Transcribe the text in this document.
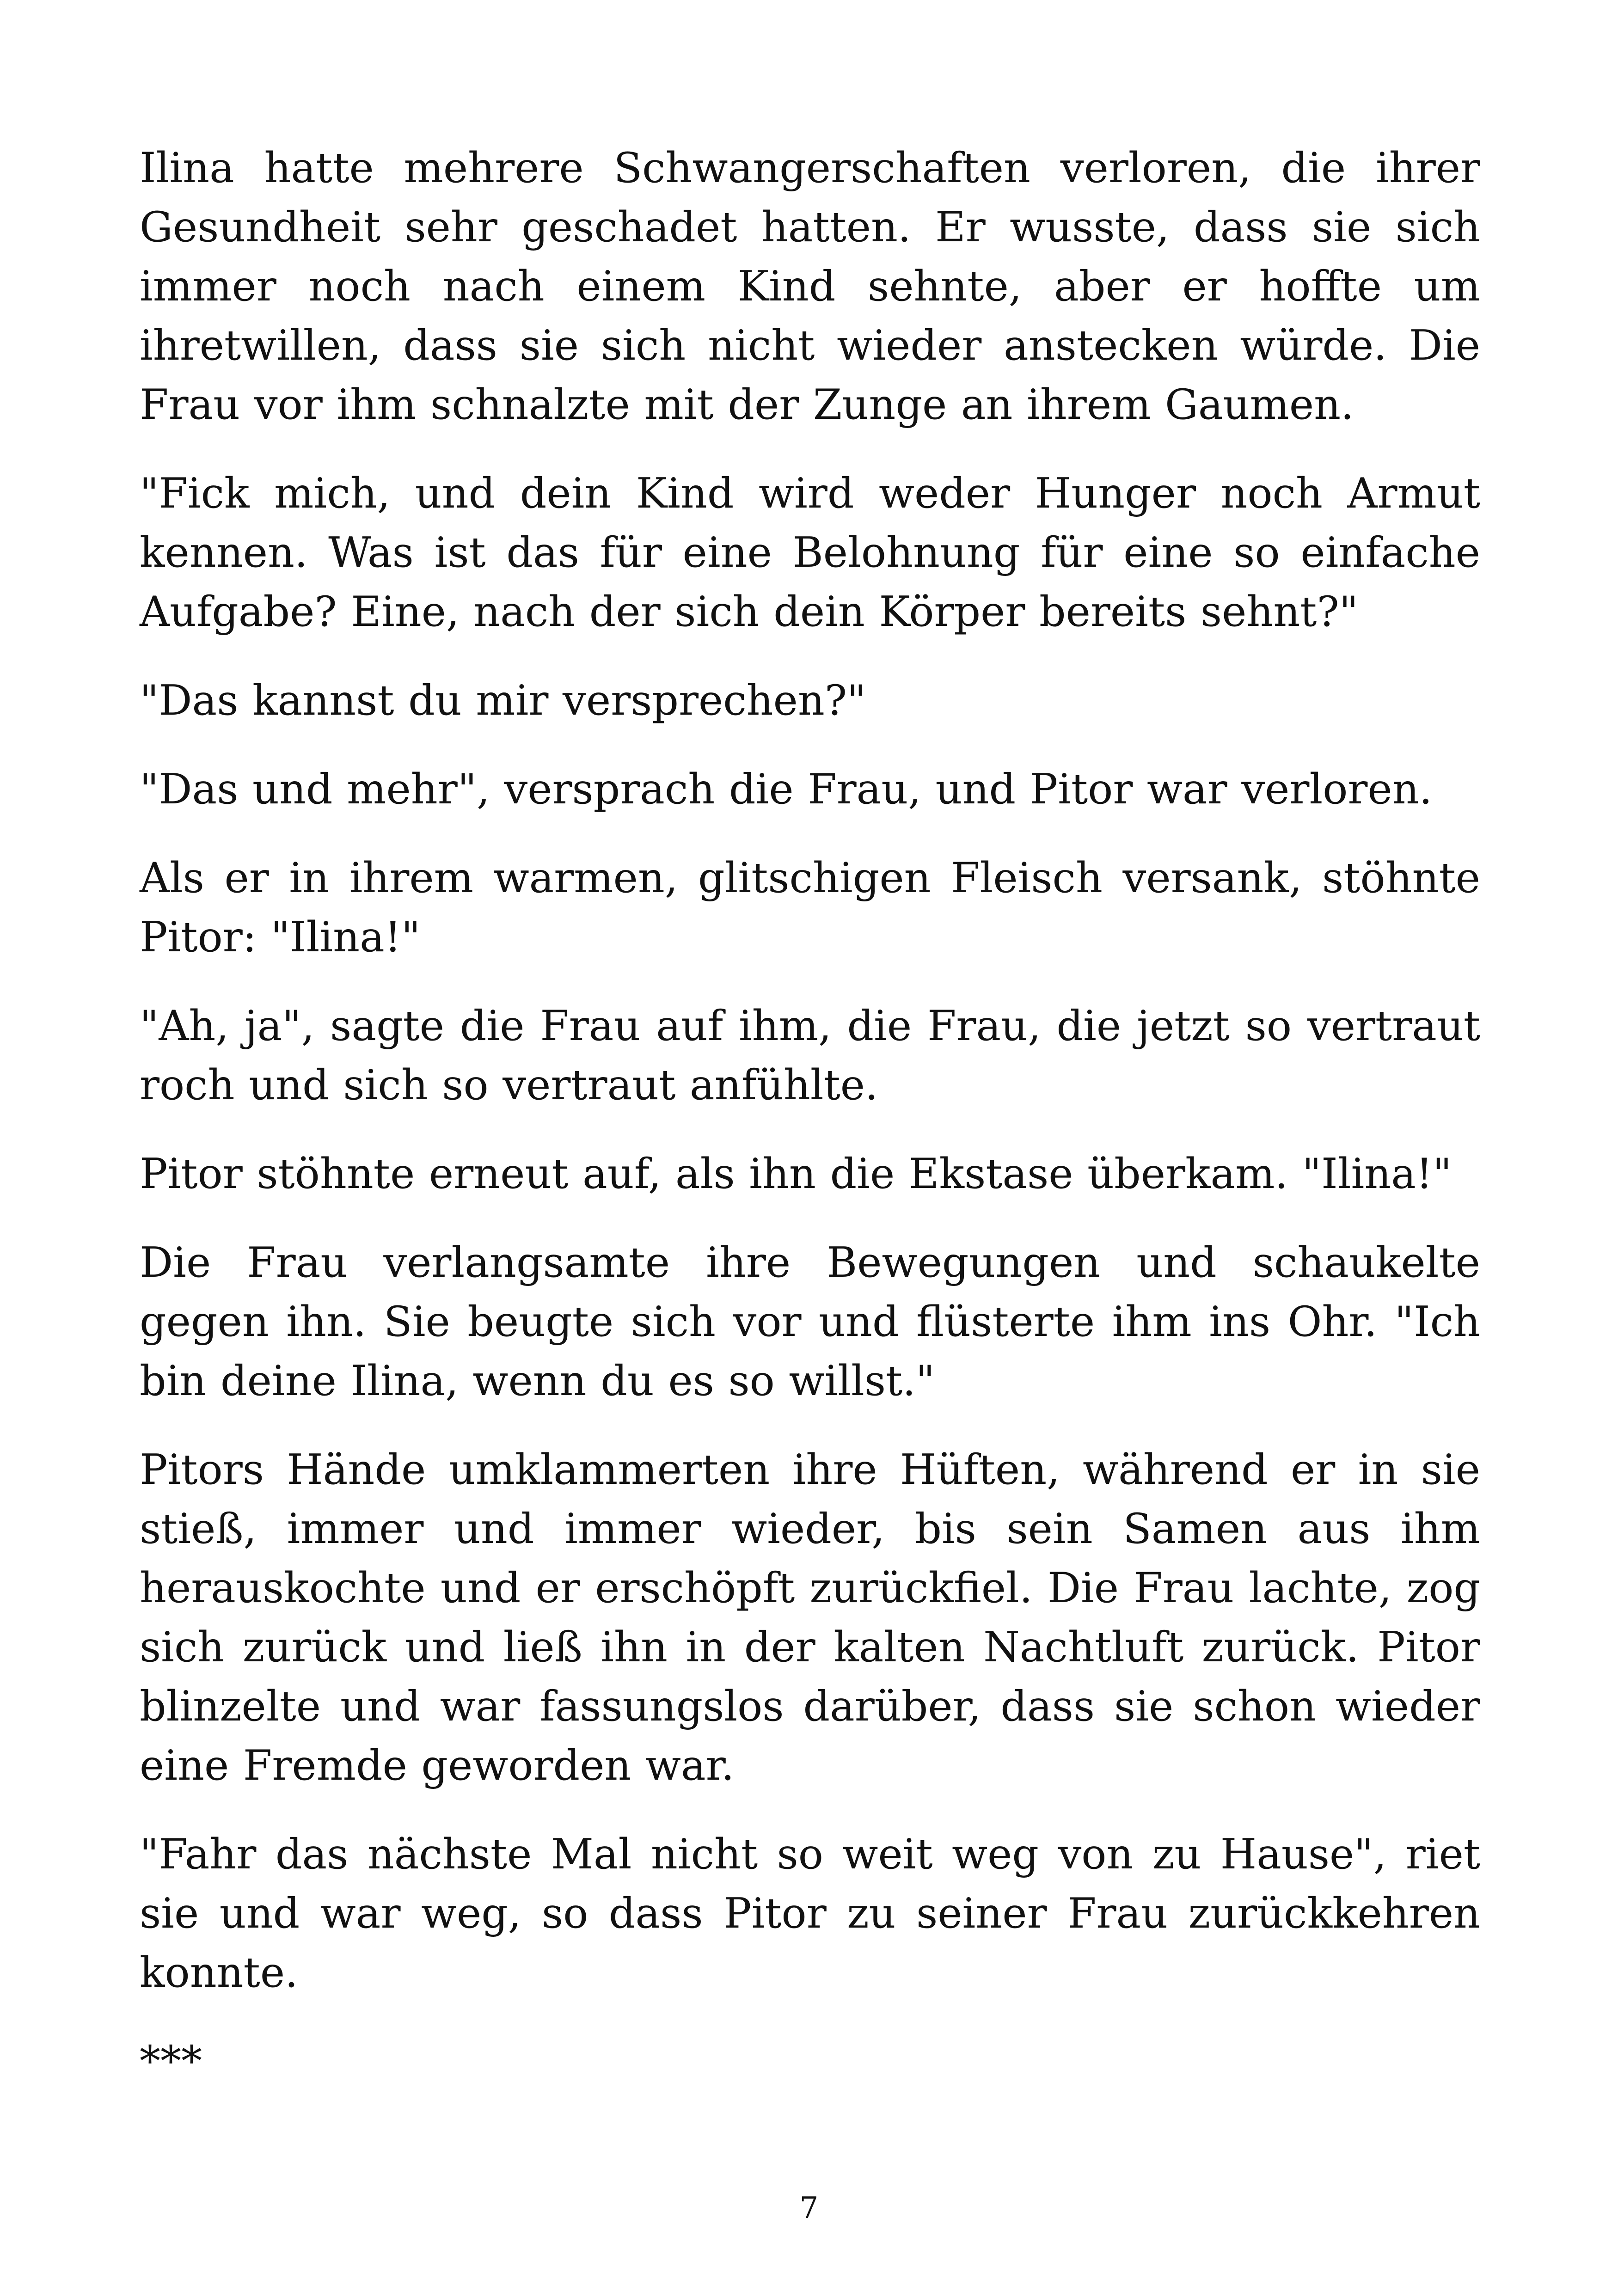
Ilina hatte mehrere Schwangerschaften verloren, die ihrer Gesundheit sehr geschadet hatten. Er wusste, dass sie sich immer noch nach einem Kind sehnte, aber er hoffte um ihretwillen, dass sie sich nicht wieder anstecken würde. Die Frau vor ihm schnalzte mit der Zunge an ihrem Gaumen.

"Fick mich, und dein Kind wird weder Hunger noch Armut kennen. Was ist das für eine Belohnung für eine so einfache Aufgabe? Eine, nach der sich dein Körper bereits sehnt?"

"Das kannst du mir versprechen?"

"Das und mehr", versprach die Frau, und Pitor war verloren.

Als er in ihrem warmen, glitschigen Fleisch versank, stöhnte Pitor: "Ilina!"

"Ah, ja", sagte die Frau auf ihm, die Frau, die jetzt so vertraut roch und sich so vertraut anfühlte.

Pitor stöhnte erneut auf, als ihn die Ekstase überkam. "Ilina!"

Die Frau verlangsamte ihre Bewegungen und schaukelte gegen ihn. Sie beugte sich vor und flüsterte ihm ins Ohr. "Ich bin deine Ilina, wenn du es so willst."

Pitors Hände umklammerten ihre Hüften, während er in sie stieß, immer und immer wieder, bis sein Samen aus ihm herauskochte und er erschöpft zurückfiel. Die Frau lachte, zog sich zurück und ließ ihn in der kalten Nachtluft zurück. Pitor blinzelte und war fassungslos darüber, dass sie schon wieder eine Fremde geworden war.

"Fahr das nächste Mal nicht so weit weg von zu Hause", riet sie und war weg, so dass Pitor zu seiner Frau zurückkehren konnte.

***

7
